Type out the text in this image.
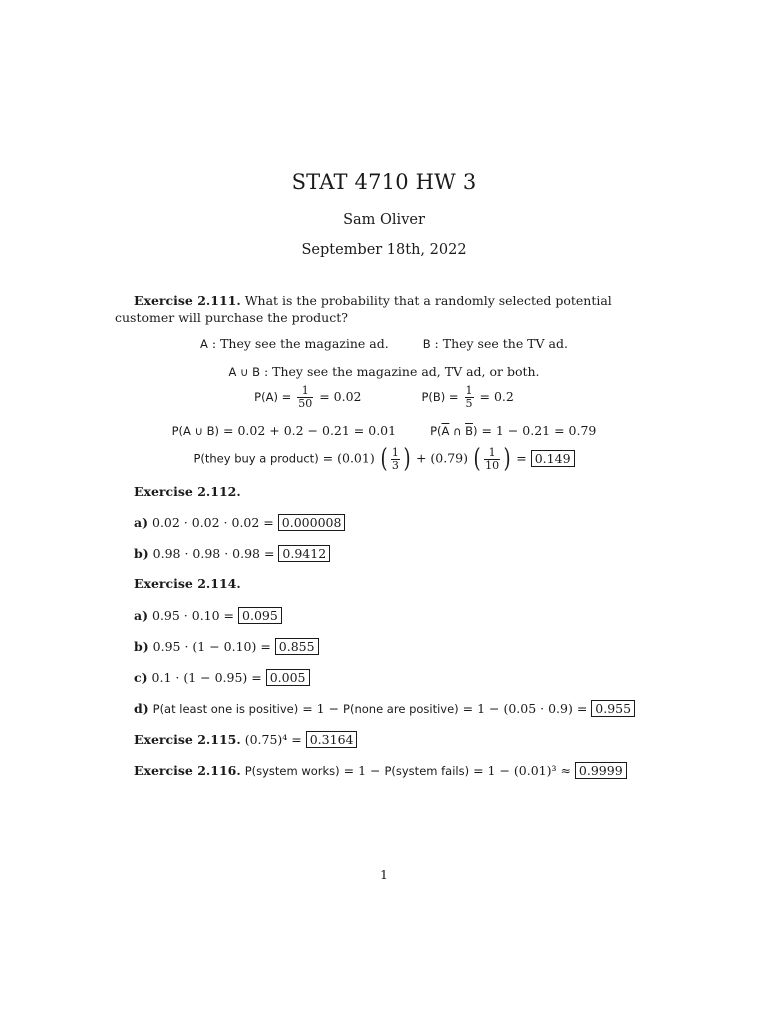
STAT 4710 HW 3
Sam Oliver
September 18th, 2022
Exercise 2.111. What is the probability that a randomly selected potential customer will purchase the product?
A : They see the magazine ad.	B : They see the TV ad.
A ∪ B : They see the magazine ad, TV ad, or both.
$P(A) = \frac{1}{50} = 0.02$	$P(B) = \frac{1}{5} = 0.2$
P(A ∪ B) = 0.02 + 0.2 − 0.21 = 0.01	$P(\overline{A}$ ∩ $\overline{B}) = 1 - 0.21 = 0.79$
P(they buy a product) = (0.01) ( $\frac{1}{3}$ ) + (0.79) ( $\frac{1}{10}$ ) = 0.149
Exercise 2.112.
a) 0.02 · 0.02 · 0.02 = 0.000008
b) 0.98 · 0.98 · 0.98 = 0.9412
Exercise 2.114.
a) 0.95 · 0.10 = 0.095
b) 0.95 · (1 − 0.10) = 0.855
c) 0.1 · (1 − 0.95) = 0.005
d) P(at least one is positive) = 1 − P(none are positive) = 1 − (0.05 · 0.9) = 0.955
Exercise 2.115. (0.75)⁴ = 0.3164
Exercise 2.116. P(system works) = 1 − P(system fails) = 1 − (0.01)³ ≈ 0.9999
1
